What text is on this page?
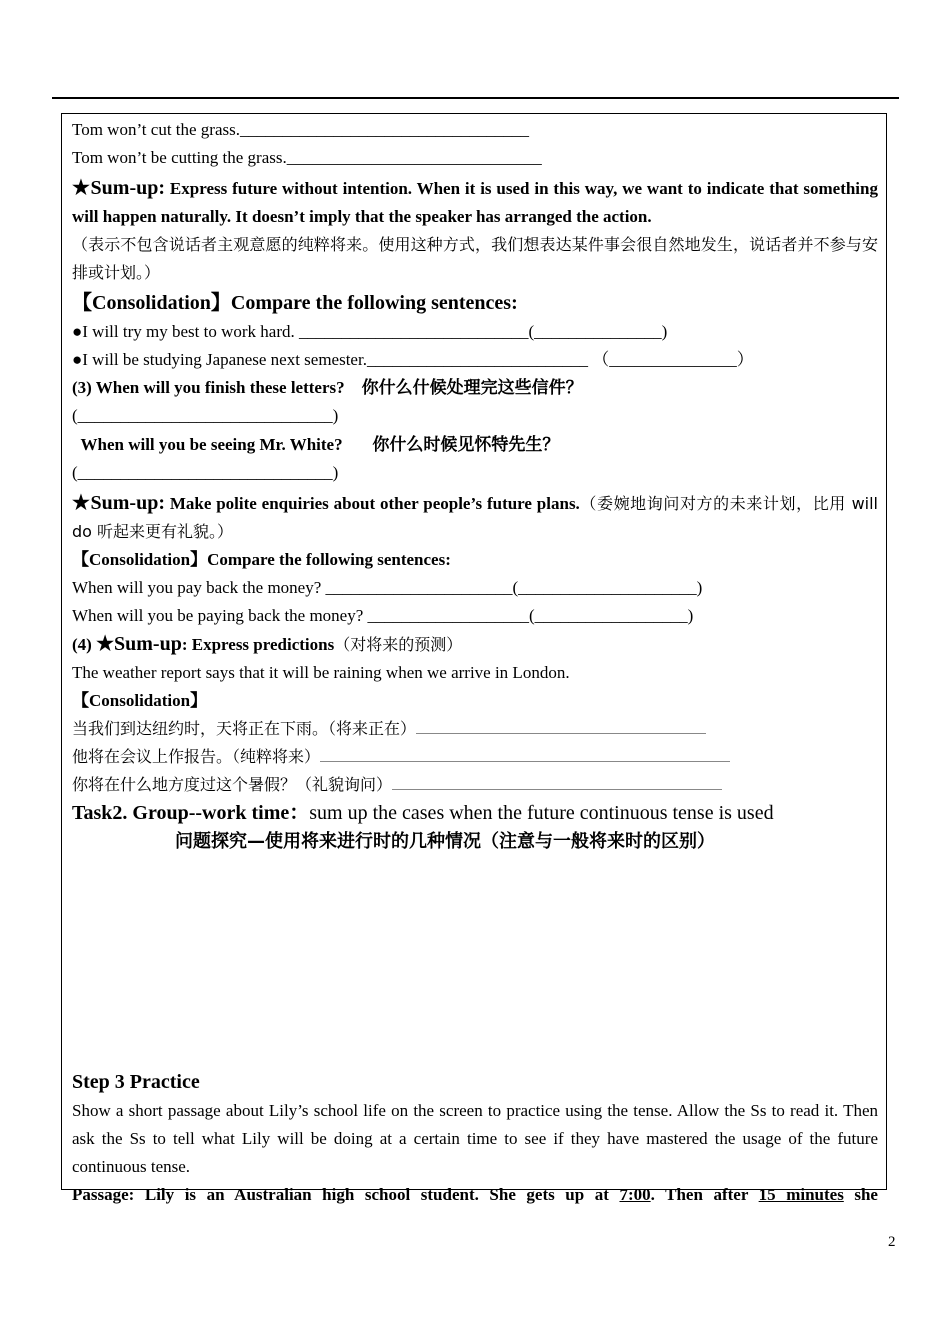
Tom won’t cut the grass.__________________________________
Tom won’t be cutting the grass.______________________________
★Sum-up: Express future without intention. When it is used in this way, we want to indicate that something will happen naturally. It doesn’t imply that the speaker has arranged the action.
（表示不包含说话者主观意愿的纯粹将来。使用这种方式，我们想表达某件事会很自然地发生，说话者并不参与安排或计划。）
【Consolidation】Compare the following sentences:
●I will try my best to work hard. ___________________________(_______________)
●I will be studying Japanese next semester.__________________________ （_______________）
(3) When will you finish these letters? 你什么什候处理完这些信件？
(______________________________)
When will you be seeing Mr. White? 你什么时候见怀特先生？
(______________________________)
★Sum-up: Make polite enquiries about other people’s future plans.（委婉地询问对方的未来计划，比用 will do 听起来更有礼貌。）
【Consolidation】Compare the following sentences:
When will you pay back the money? ______________________(_____________________)
When will you be paying back the money? ___________________(__________________)
(4) ★Sum-up: Express predictions（对将来的预测）
The weather report says that it will be raining when we arrive in London.
【Consolidation】
当我们到达纽约时，天将正在下雨。（将来正在）
他将在会议上作报告。（纯粹将来）
你将在什么地方度过这个暑假？（礼貌询问）
Task2. Group--work time：sum up the cases when the future continuous tense is used
问题探究—使用将来进行时的几种情况（注意与一般将来时的区别）
Step 3 Practice
Show a short passage about Lily’s school life on the screen to practice using the tense. Allow the Ss to read it. Then ask the Ss to tell what Lily will be doing at a certain time to see if they have mastered the usage of the future continuous tense.
Passage: Lily is an Australian high school student. She gets up at 7:00. Then after 15 minutes she
2
